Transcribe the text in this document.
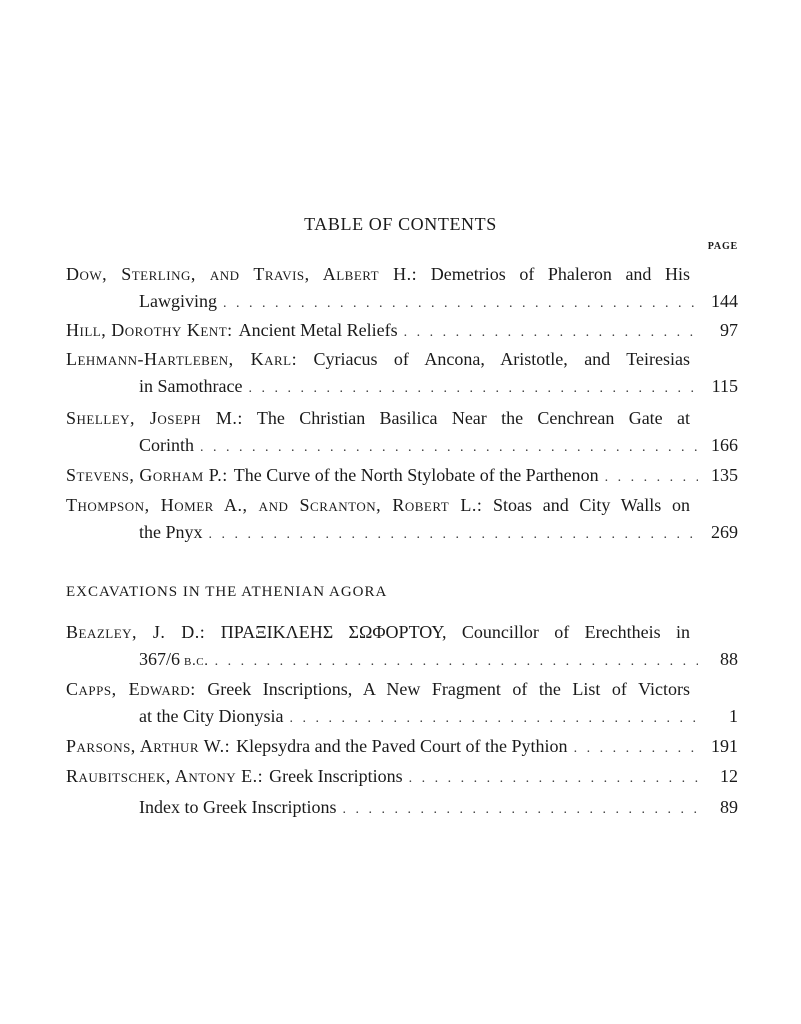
TABLE OF CONTENTS
PAGE
Dow, Sterling, and Travis, Albert H.: Demetrios of Phaleron and His
Lawgiving . . .	144
Hill, Dorothy Kent: Ancient Metal Reliefs . . .	97
Lehmann-Hartleben, Karl: Cyriacus of Ancona, Aristotle, and Teiresias
in Samothrace . . .	115
Shelley, Joseph M.: The Christian Basilica Near the Cenchrean Gate at
Corinth . . .	166
Stevens, Gorham P.: The Curve of the North Stylobate of the Parthenon . . .	135
Thompson, Homer A., and Scranton, Robert L.: Stoas and City Walls on
the Pnyx . . .	269
EXCAVATIONS IN THE ATHENIAN AGORA
Beazley, J. D.: ΠΡΑΞΙΚΛΕΗΣ ΣΩΦΟΡΤΟΥ, Councillor of Erechtheis in
367/6 b.c. . . .	88
Capps, Edward: Greek Inscriptions, A New Fragment of the List of Victors
at the City Dionysia . . .	1
Parsons, Arthur W.: Klepsydra and the Paved Court of the Pythion . . .	191
Raubitschek, Antony E.: Greek Inscriptions . . .	12
Index to Greek Inscriptions . . .	89
